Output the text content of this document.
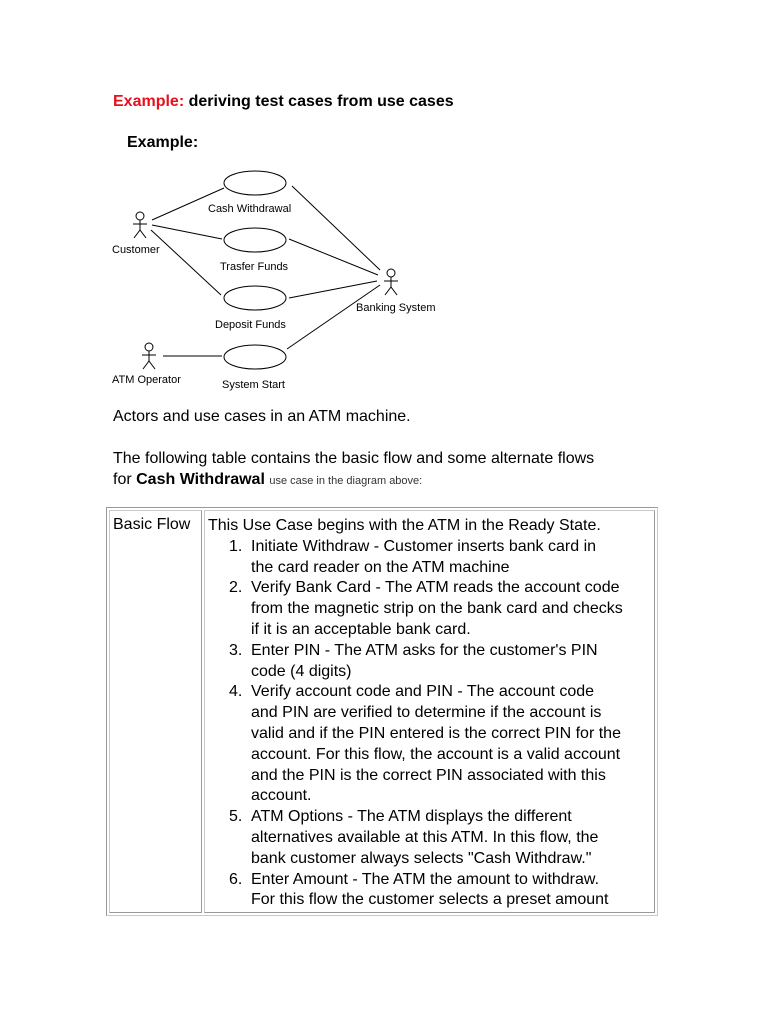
Example: deriving test cases from use cases
Example:
Cash Withdrawal
Trasfer Funds
Deposit Funds
System Start
Customer
ATM Operator
Banking System
Actors and use cases in an ATM machine.
The following table contains the basic flow and some alternate flows
for Cash Withdrawal use case in the diagram above:
Basic Flow	This Use Case begins with the ATM in the Ready State.
Initiate Withdraw - Customer inserts bank card in
the card reader on the ATM machine
Verify Bank Card - The ATM reads the account code
from the magnetic strip on the bank card and checks
if it is an acceptable bank card.
Enter PIN - The ATM asks for the customer's PIN
code (4 digits)
Verify account code and PIN - The account code
and PIN are verified to determine if the account is
valid and if the PIN entered is the correct PIN for the
account. For this flow, the account is a valid account
and the PIN is the correct PIN associated with this
account.
ATM Options - The ATM displays the different
alternatives available at this ATM. In this flow, the
bank customer always selects "Cash Withdraw."
Enter Amount - The ATM the amount to withdraw.
For this flow the customer selects a preset amount
